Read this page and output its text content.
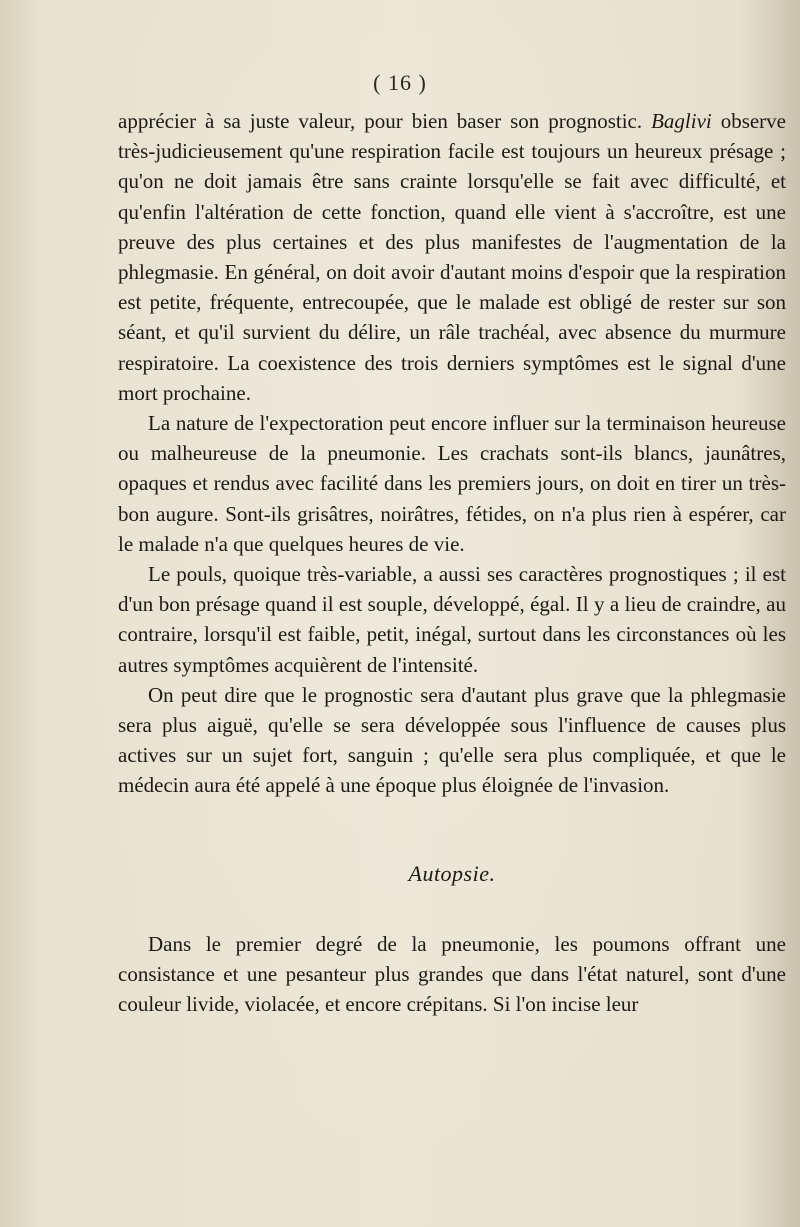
( 16 )

apprécier à sa juste valeur, pour bien baser son prognostic. Baglivi observe très-judicieusement qu'une respiration facile est toujours un heureux présage ; qu'on ne doit jamais être sans crainte lorsqu'elle se fait avec difficulté, et qu'enfin l'altération de cette fonction, quand elle vient à s'accroître, est une preuve des plus certaines et des plus manifestes de l'augmentation de la phlegmasie. En général, on doit avoir d'autant moins d'espoir que la respiration est petite, fréquente, entrecoupée, que le malade est obligé de rester sur son séant, et qu'il survient du délire, un râle trachéal, avec absence du murmure respiratoire. La coexistence des trois derniers symptômes est le signal d'une mort prochaine.

La nature de l'expectoration peut encore influer sur la terminaison heureuse ou malheureuse de la pneumonie. Les crachats sont-ils blancs, jaunâtres, opaques et rendus avec facilité dans les premiers jours, on doit en tirer un très-bon augure. Sont-ils grisâtres, noirâtres, fétides, on n'a plus rien à espérer, car le malade n'a que quelques heures de vie.

Le pouls, quoique très-variable, a aussi ses caractères prognostiques ; il est d'un bon présage quand il est souple, développé, égal. Il y a lieu de craindre, au contraire, lorsqu'il est faible, petit, inégal, surtout dans les circonstances où les autres symptômes acquièrent de l'intensité.

On peut dire que le prognostic sera d'autant plus grave que la phlegmasie sera plus aiguë, qu'elle se sera développée sous l'influence de causes plus actives sur un sujet fort, sanguin ; qu'elle sera plus compliquée, et que le médecin aura été appelé à une époque plus éloignée de l'invasion.

Autopsie.

Dans le premier degré de la pneumonie, les poumons offrant une consistance et une pesanteur plus grandes que dans l'état naturel, sont d'une couleur livide, violacée, et encore crépitans. Si l'on incise leur
